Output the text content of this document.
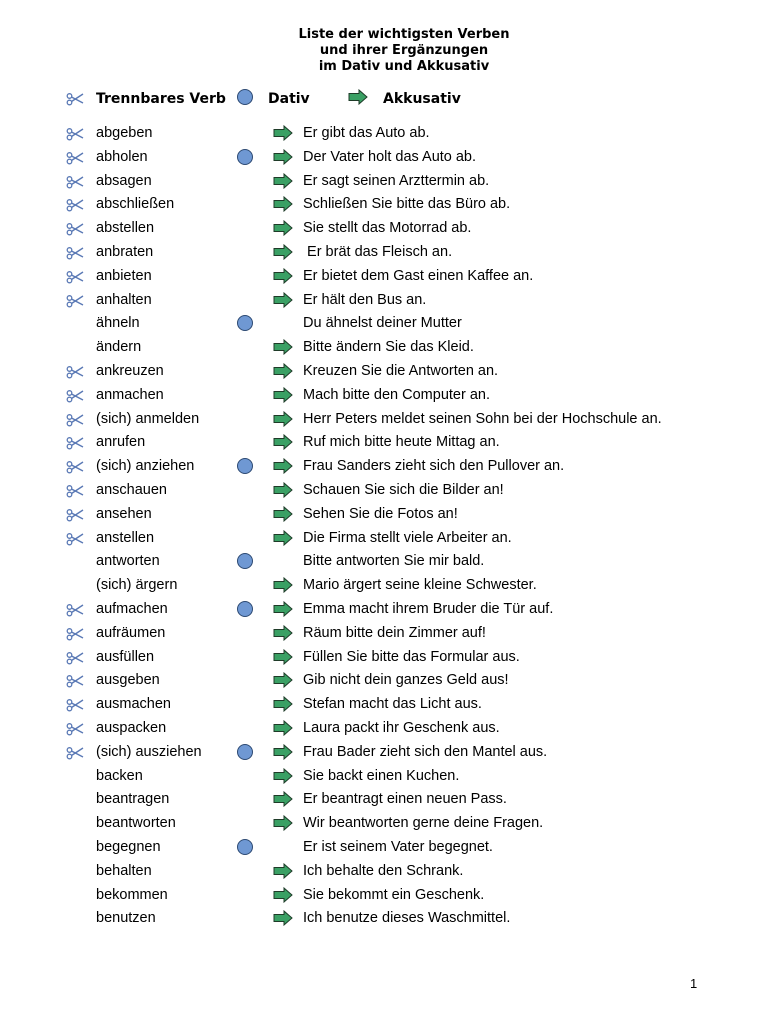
Liste der wichtigsten Verben
und ihrer Ergänzungen
im Dativ und Akkusativ
Trennbares Verb	Dativ	Akkusativ
abgeben	Er gibt das Auto ab.
abholen	Der Vater holt das Auto ab.
absagen	Er sagt seinen Arzttermin ab.
abschließen	Schließen Sie bitte das Büro ab.
abstellen	Sie stellt das Motorrad ab.
anbraten	Er brät das Fleisch an.
anbieten	Er bietet dem Gast einen Kaffee an.
anhalten	Er hält den Bus an.
ähneln	Du ähnelst deiner Mutter
ändern	Bitte ändern Sie das Kleid.
ankreuzen	Kreuzen Sie die Antworten an.
anmachen	Mach bitte den Computer an.
(sich) anmelden	Herr Peters meldet seinen Sohn bei der Hochschule an.
anrufen	Ruf mich bitte heute Mittag an.
(sich) anziehen	Frau Sanders zieht sich den Pullover an.
anschauen	Schauen Sie sich die Bilder an!
ansehen	Sehen Sie die Fotos an!
anstellen	Die Firma stellt viele Arbeiter an.
antworten	Bitte antworten Sie mir bald.
(sich) ärgern	Mario ärgert seine kleine Schwester.
aufmachen	Emma macht ihrem Bruder die Tür auf.
aufräumen	Räum bitte dein Zimmer auf!
ausfüllen	Füllen Sie bitte das Formular aus.
ausgeben	Gib nicht dein ganzes Geld aus!
ausmachen	Stefan macht das Licht aus.
auspacken	Laura packt ihr Geschenk aus.
(sich) ausziehen	Frau Bader zieht sich den Mantel aus.
backen	Sie backt einen Kuchen.
beantragen	Er beantragt einen neuen Pass.
beantworten	Wir beantworten gerne deine Fragen.
begegnen	Er ist seinem Vater begegnet.
behalten	Ich behalte den Schrank.
bekommen	Sie bekommt ein Geschenk.
benutzen	Ich benutze dieses Waschmittel.
1
